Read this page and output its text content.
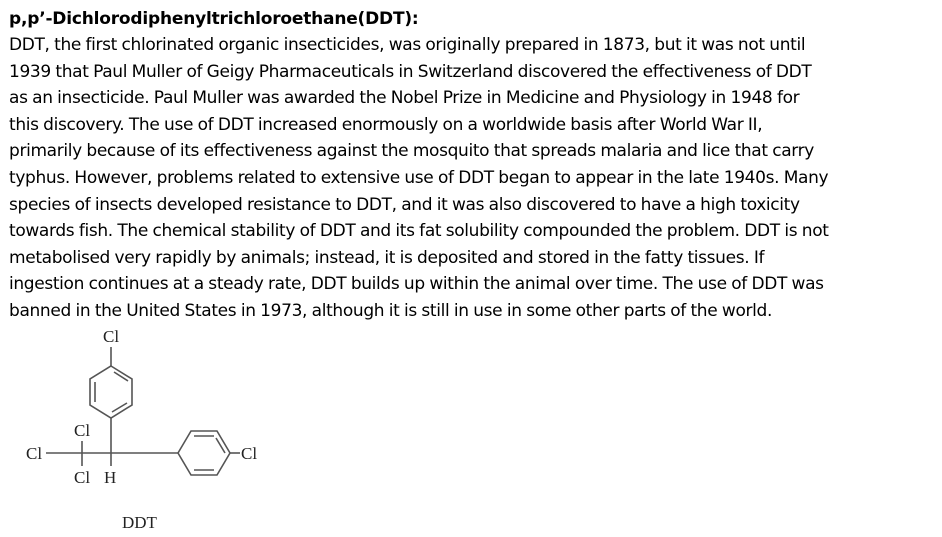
p,p’-Dichlorodiphenyltrichloroethane(DDT):

DDT, the first chlorinated organic insecticides, was originally prepared in 1873, but it was not until
1939 that Paul Muller of Geigy Pharmaceuticals in Switzerland discovered the effectiveness of DDT
as an insecticide. Paul Muller was awarded the Nobel Prize in Medicine and Physiology in 1948 for
this discovery. The use of DDT increased enormously on a worldwide basis after World War II,
primarily because of its effectiveness against the mosquito that spreads malaria and lice that carry
typhus. However, problems related to extensive use of DDT began to appear in the late 1940s. Many
species of insects developed resistance to DDT, and it was also discovered to have a high toxicity
towards fish. The chemical stability of DDT and its fat solubility compounded the problem. DDT is not
metabolised very rapidly by animals; instead, it is deposited and stored in the fatty tissues. If
ingestion continues at a steady rate, DDT builds up within the animal over time. The use of DDT was
banned in the United States in 1973, although it is still in use in some other parts of the world.

Cl
Cl
Cl
Cl H
Cl
DDT
